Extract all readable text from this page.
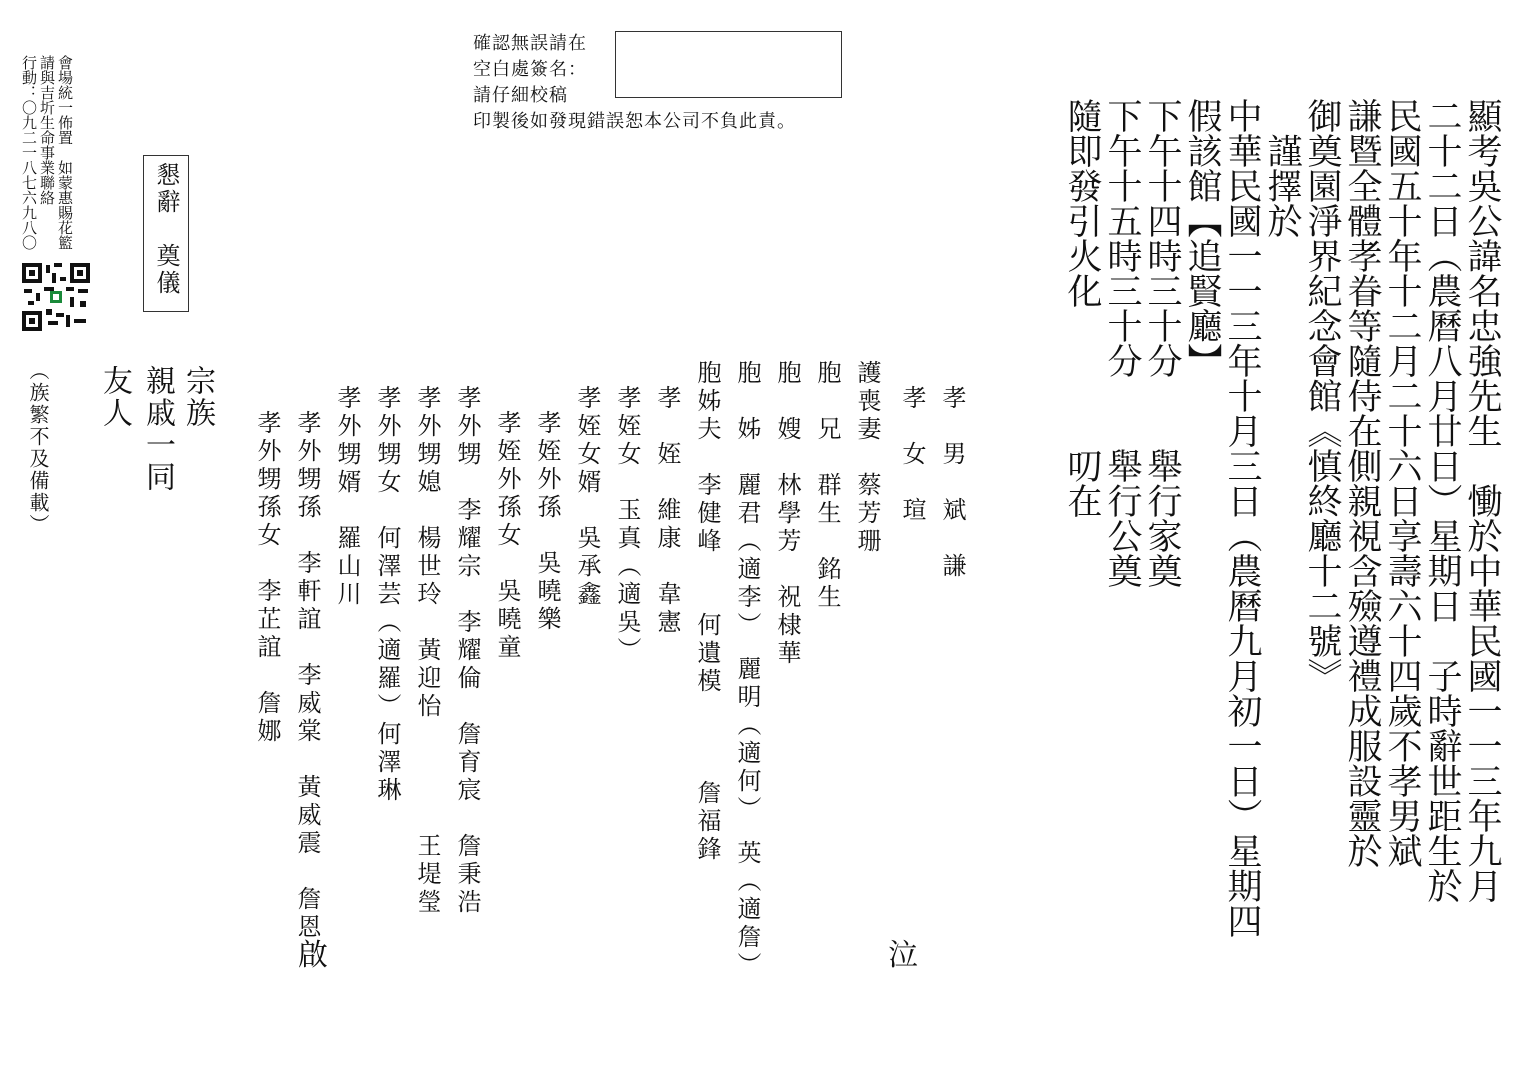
確認無誤請在
空白處簽名：
請仔細校稿
印製後如發現錯誤恕本公司不負此責。	顯考吳公諱名忠強先生　慟於中華民國一一三年九月
二十二日（農曆八月廿日）星期日　子時辭世距生於
民國五十年十二月二十六日享壽六十四歲不孝男斌
謙暨全體孝眷等隨侍在側親視含殮遵禮成服設靈於
御奠園淨界紀念會館《慎終廳十二號》
　謹擇於
中華民國一一三年十月三日（農曆九月初一日）星期四
假該館【追賢廳】
下午十四時三十分　　舉行家奠
下午十五時三十分　　舉行公奠
隨即發引火化　　　　叨在
孝　男　斌　謙
孝　女　瑄
護喪妻　蔡芳珊
胞　兄　群生　銘生
胞　嫂　林學芳　祝棣華
胞　姊　麗君（適李）　麗明（適何）　英（適詹）
胞姊夫　李健峰　　何遺模　　　詹福鋒
孝　姪　維康　韋憲
孝姪女　玉真（適吳）
孝姪女婿　吳承鑫
孝姪外孫　吳曉樂
孝姪外孫女　吳曉童
孝外甥　李耀宗　李耀倫　詹育宸　詹秉浩
孝外甥媳　楊世玲　黃迎怡　　　　王堤瑩
孝外甥女　何澤芸（適羅）何澤琳
孝外甥婿　羅山川
孝外甥孫　李軒誼　李威棠　黃威震　詹恩
孝外甥孫女　李芷誼　詹娜
泣
啟
宗族
親戚一同
友人
懇辭　奠儀
會場統一佈置　如蒙惠賜花籃
請與吉圻生命事業聯絡
行動：〇九二一八七六九八〇
（族繁不及備載）
